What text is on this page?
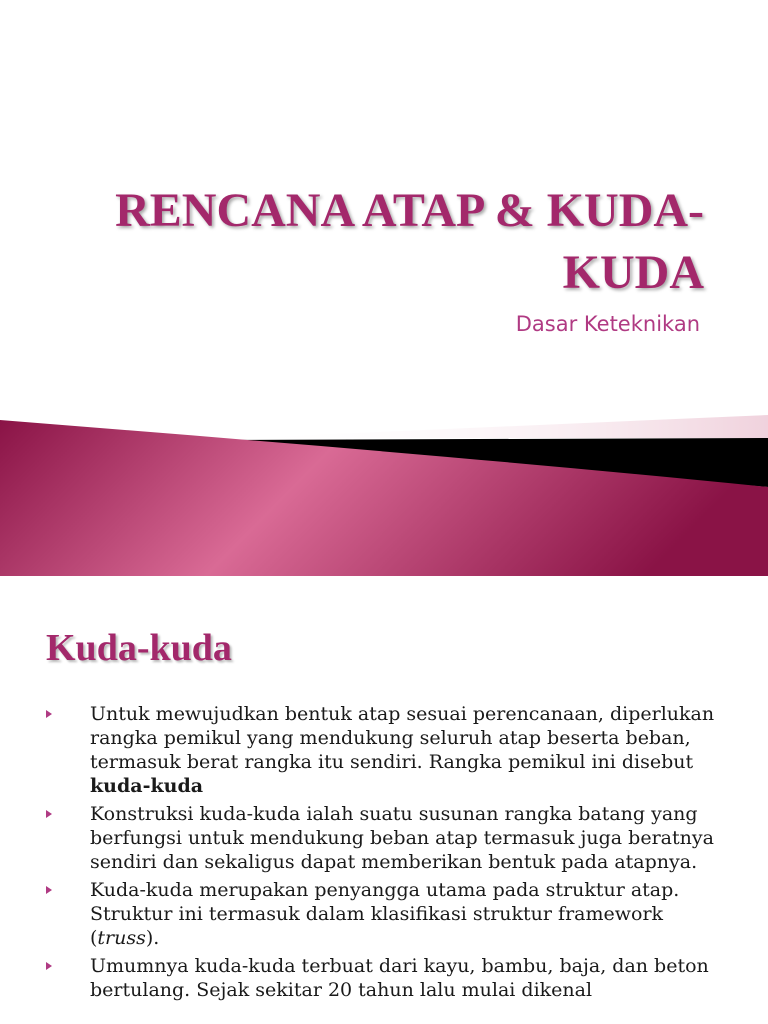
RENCANA ATAP & KUDA-KUDA

Dasar Keteknikan

Kuda-kuda
Untuk mewujudkan bentuk atap sesuai perencanaan, diperlukan rangka pemikul yang mendukung seluruh atap beserta beban, termasuk berat rangka itu sendiri. Rangka pemikul ini disebut kuda-kuda
Konstruksi kuda-kuda ialah suatu susunan rangka batang yang berfungsi untuk mendukung beban atap termasuk juga beratnya sendiri dan sekaligus dapat memberikan bentuk pada atapnya.
Kuda-kuda merupakan penyangga utama pada struktur atap. Struktur ini termasuk dalam klasifikasi struktur framework (truss).
Umumnya kuda-kuda terbuat dari kayu, bambu, baja, dan beton bertulang. Sejak sekitar 20 tahun lalu mulai dikenal
